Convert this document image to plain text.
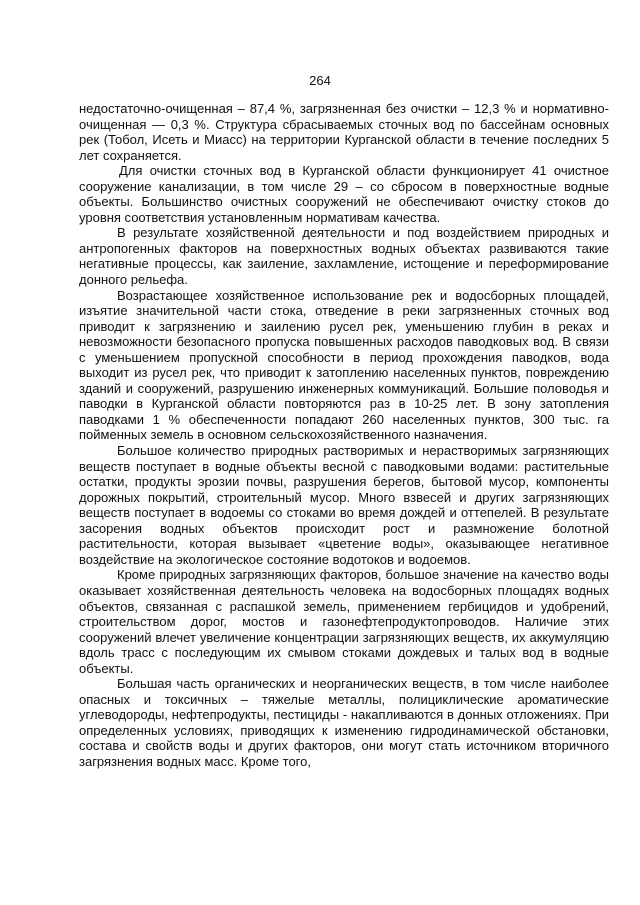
264

недостаточно-очищенная – 87,4 %, загрязненная без очистки – 12,3 % и нормативно-очищенная — 0,3 %. Структура сбрасываемых сточных вод по бассейнам основных рек (Тобол, Исеть и Миасс) на территории Курганской области в течение последних 5 лет сохраняется.

Для очистки сточных вод в Курганской области функционирует 41 очистное сооружение канализации, в том числе 29 – со сбросом в поверхностные водные объекты. Большинство очистных сооружений не обеспечивают очистку стоков до уровня соответствия установленным нормативам качества.

В результате хозяйственной деятельности и под воздействием природных и антропогенных факторов на поверхностных водных объектах развиваются такие негативные процессы, как заиление, захламление, истощение и переформирование донного рельефа.

Возрастающее хозяйственное использование рек и водосборных площадей, изъятие значительной части стока, отведение в реки загрязненных сточных вод приводит к загрязнению и заилению русел рек, уменьшению глубин в реках и невозможности безопасного пропуска повышенных расходов паводковых вод. В связи с уменьшением пропускной способности в период прохождения паводков, вода выходит из русел рек, что приводит к затоплению населенных пунктов, повреждению зданий и сооружений, разрушению инженерных коммуникаций. Большие половодья и паводки в Курганской области повторяются раз в 10-25 лет. В зону затопления паводками 1 % обеспеченности попадают 260 населенных пунктов, 300 тыс. га пойменных земель в основном сельскохозяйственного назначения.

Большое количество природных растворимых и нерастворимых загрязняющих веществ поступает в водные объекты весной с паводковыми водами: растительные остатки, продукты эрозии почвы, разрушения берегов, бытовой мусор, компоненты дорожных покрытий, строительный мусор. Много взвесей и других загрязняющих веществ поступает в водоемы со стоками во время дождей и оттепелей. В результате засорения водных объектов происходит рост и размножение болотной растительности, которая вызывает «цветение воды», оказывающее негативное воздействие на экологическое состояние водотоков и водоемов.

Кроме природных загрязняющих факторов, большое значение на качество воды оказывает хозяйственная деятельность человека на водосборных площадях водных объектов, связанная с распашкой земель, применением гербицидов и удобрений, строительством дорог, мостов и газонефтепродуктопроводов. Наличие этих сооружений влечет увеличение концентрации загрязняющих веществ, их аккумуляцию вдоль трасс с последующим их смывом стоками дождевых и талых вод в водные объекты.

Большая часть органических и неорганических веществ, в том числе наиболее опасных и токсичных – тяжелые металлы, полициклические ароматические углеводороды, нефтепродукты, пестициды - накапливаются в донных отложениях. При определенных условиях, приводящих к изменению гидродинамической обстановки, состава и свойств воды и других факторов, они могут стать источником вторичного загрязнения водных масс. Кроме того,
